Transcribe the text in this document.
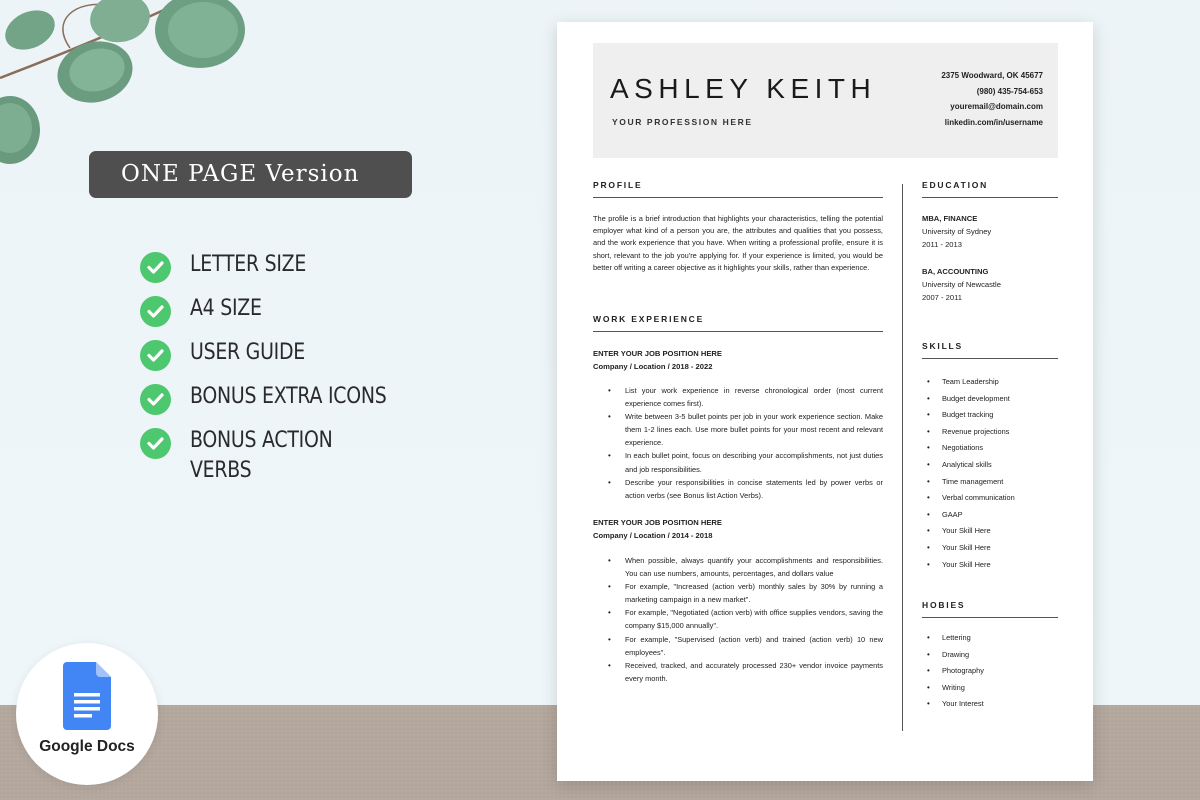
ONE PAGE Version
LETTER SIZE
A4 SIZE
USER GUIDE
BONUS EXTRA ICONS
BONUS ACTION VERBS
Google Docs
ASHLEY KEITH
YOUR PROFESSION HERE
2375 Woodward, OK 45677
(980) 435-754-653
youremail@domain.com
linkedin.com/in/username
PROFILE
The profile is a brief introduction that highlights your characteristics, telling the potential employer what kind of a person you are, the attributes and qualities that you possess, and the work experience that you have. When writing a professional profile, ensure it is short, relevant to the job you're applying for. If your experience is limited, you would be better off writing a career objective as it highlights your skills, rather than experience.
WORK EXPERIENCE
ENTER YOUR JOB POSITION HERE
Company / Location / 2018 - 2022
• List your work experience in reverse chronological order (most current experience comes first).
• Write between 3-5 bullet points per job in your work experience section. Make them 1-2 lines each. Use more bullet points for your most recent and relevant experience.
• In each bullet point, focus on describing your accomplishments, not just duties and job responsibilities.
• Describe your responsibilities in concise statements led by power verbs or action verbs (see Bonus list Action Verbs).
ENTER YOUR JOB POSITION HERE
Company / Location / 2014 - 2018
• When possible, always quantify your accomplishments and responsibilities. You can use numbers, amounts, percentages, and dollars value
• For example, "Increased (action verb) monthly sales by 30% by running a marketing campaign in a new market".
• For example, "Negotiated (action verb) with office supplies vendors, saving the company $15,000 annually".
• For example, "Supervised (action verb) and trained (action verb) 10 new employees".
• Received, tracked, and accurately processed 230+ vendor invoice payments every month.
EDUCATION
MBA, FINANCE
University of Sydney
2011 - 2013
BA, ACCOUNTING
University of Newcastle
2007 - 2011
SKILLS
• Team Leadership
• Budget development
• Budget tracking
• Revenue projections
• Negotiations
• Analytical skills
• Time management
• Verbal communication
• GAAP
• Your Skill Here
• Your Skill Here
• Your Skill Here
HOBIES
• Lettering
• Drawing
• Photography
• Writing
• Your Interest
